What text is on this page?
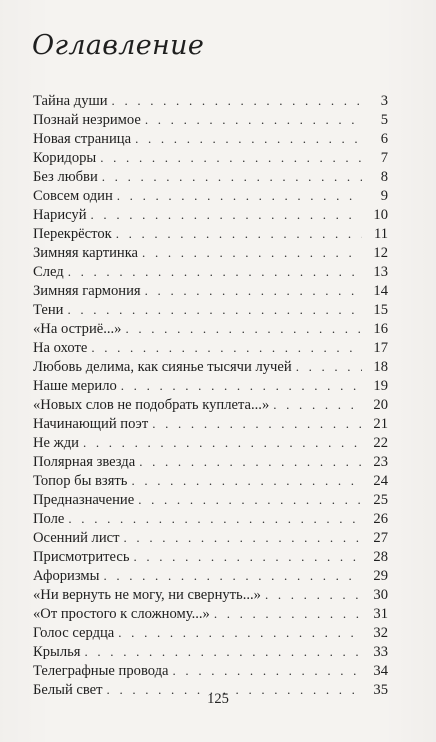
Оглавление
Тайна души . . .	3
Познай незримое . . .	5
Новая страница . . .	6
Коридоры . . .	7
Без любви . . .	8
Совсем один . . .	9
Нарисуй . . .	10
Перекрёсток . . .	11
Зимняя картинка . . .	12
След . . .	13
Зимняя гармония . . .	14
Тени . . .	15
«На остриё...» . . .	16
На охоте . . .	17
Любовь делима, как сиянье тысячи лучей . . .	18
Наше мерило . . .	19
«Новых слов не подобрать куплета...» . . .	20
Начинающий поэт . . .	21
Не жди . . .	22
Полярная звезда . . .	23
Топор бы взять . . .	24
Предназначение . . .	25
Поле . . .	26
Осенний лист . . .	27
Присмотритесь . . .	28
Афоризмы . . .	29
«Ни вернуть не могу, ни свернуть...» . . .	30
«От простого к сложному...» . . .	31
Голос сердца . . .	32
Крылья . . .	33
Телеграфные провода . . .	34
Белый свет . . .	35
125
